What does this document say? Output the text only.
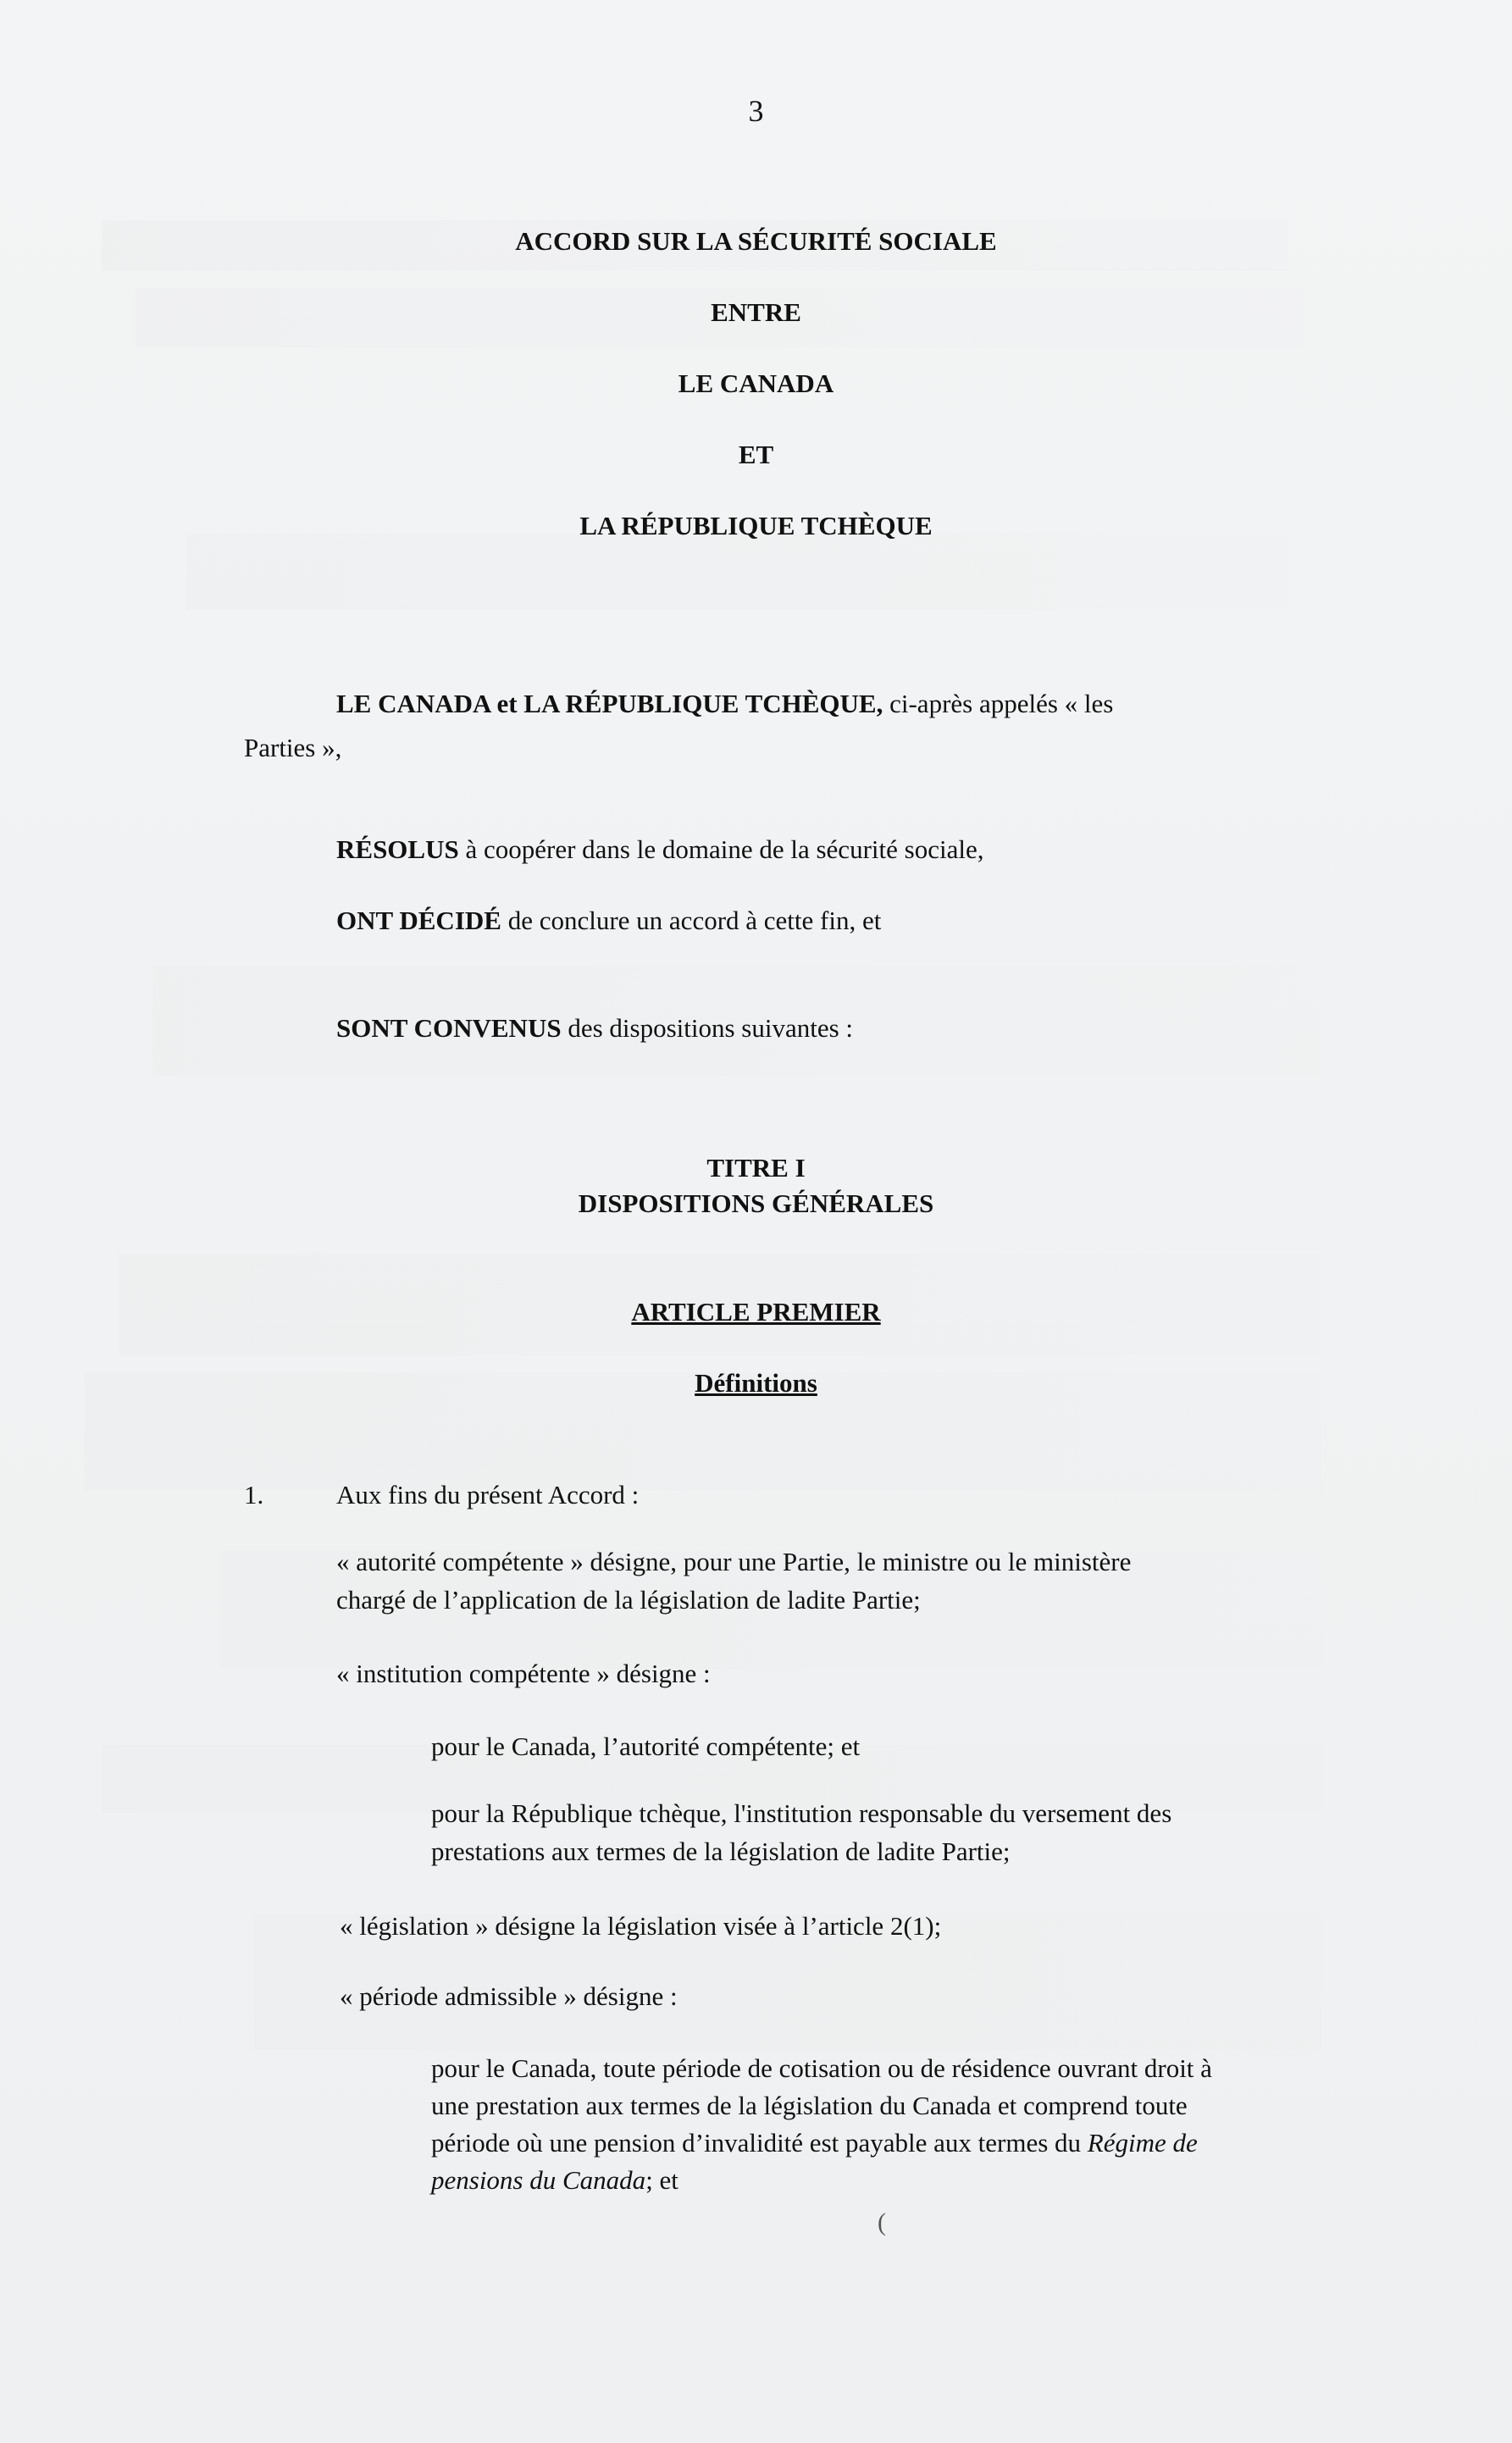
3
ACCORD SUR LA SÉCURITÉ SOCIALE
ENTRE
LE CANADA
ET
LA RÉPUBLIQUE TCHÈQUE
LE CANADA et LA RÉPUBLIQUE TCHÈQUE, ci-après appelés « les
Parties »,
RÉSOLUS à coopérer dans le domaine de la sécurité sociale,
ONT DÉCIDÉ de conclure un accord à cette fin, et
SONT CONVENUS des dispositions suivantes :
TITRE I
DISPOSITIONS GÉNÉRALES
ARTICLE PREMIER
Définitions
1.	Aux fins du présent Accord :
« autorité compétente » désigne, pour une Partie, le ministre ou le ministère
chargé de l’application de la législation de ladite Partie;
« institution compétente » désigne :
pour le Canada, l’autorité compétente; et
pour la République tchèque, l'institution responsable du versement des
prestations aux termes de la législation de ladite Partie;
« législation » désigne la législation visée à l’article 2(1);
« période admissible » désigne :
pour le Canada, toute période de cotisation ou de résidence ouvrant droit à
une prestation aux termes de la législation du Canada et comprend toute
période où une pension d’invalidité est payable aux termes du Régime de
pensions du Canada; et
(
